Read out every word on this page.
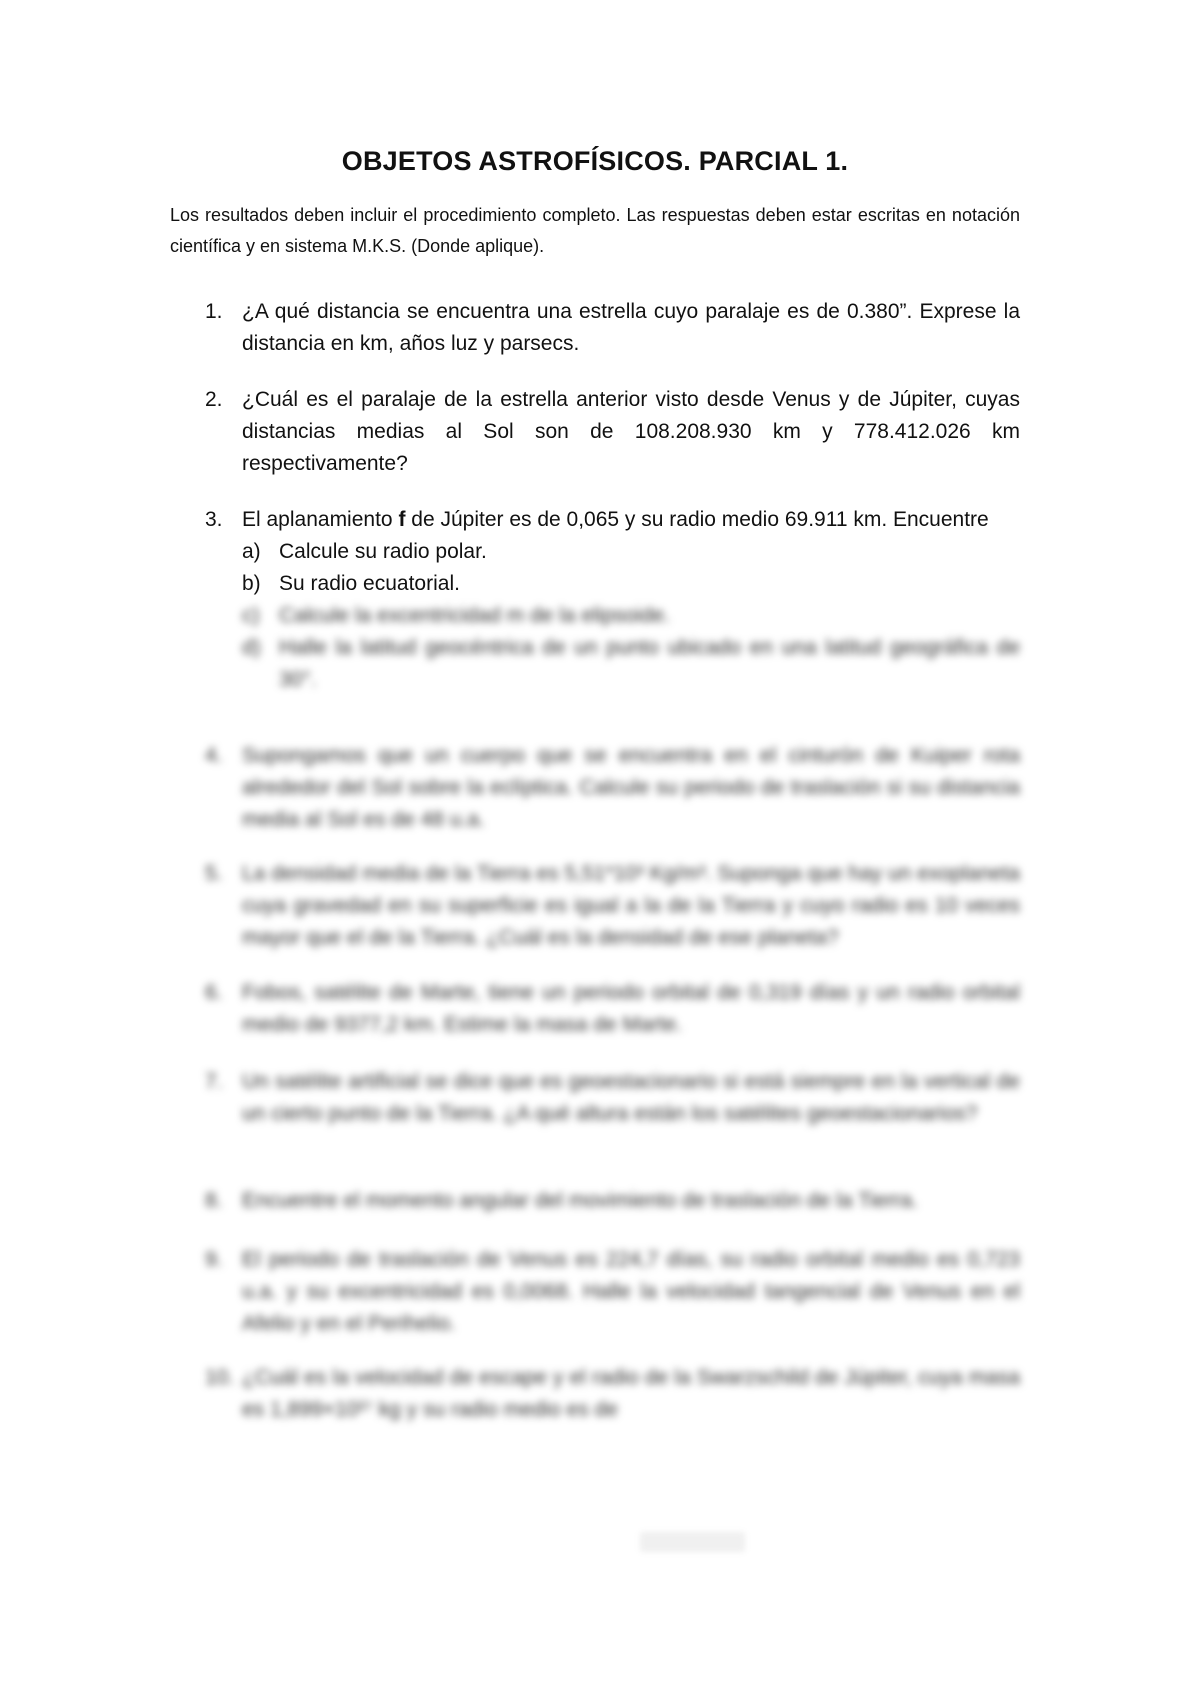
OBJETOS ASTROFÍSICOS. PARCIAL 1.
Los resultados deben incluir el procedimiento completo. Las respuestas deben estar escritas en notación científica y en sistema M.K.S. (Donde aplique).
1. ¿A qué distancia se encuentra una estrella cuyo paralaje es de 0.380”. Exprese la distancia en km, años luz y parsecs.
2. ¿Cuál es el paralaje de la estrella anterior visto desde Venus y de Júpiter, cuyas distancias medias al Sol son de 108.208.930 km y 778.412.026 km respectivamente?
3. El aplanamiento f de Júpiter es de 0,065 y su radio medio 69.911 km. Encuentre
a) Calcule su radio polar.
b) Su radio ecuatorial.
c) Calcule la excentricidad m de la elipsoide.
d) Halle la latitud geocéntrica de un punto ubicado en una latitud geográfica de 30°.
4. Supongamos que un cuerpo que se encuentra en el cinturón de Kuiper rota alrededor del Sol sobre la eclíptica. Calcule su periodo de traslación si su distancia media al Sol es de 48 u.a.
5. La densidad media de la Tierra es 5,51*10³ Kg/m³. Suponga que hay un exoplaneta cuya gravedad en su superficie es igual a la de la Tierra y cuyo radio es 10 veces mayor que el de la Tierra. ¿Cuál es la densidad de ese planeta?
6. Fobos, satélite de Marte, tiene un periodo orbital de 0,319 días y un radio orbital medio de 9377,2 km. Estime la masa de Marte.
7. Un satélite artificial se dice que es geoestacionario si está siempre en la vertical de un cierto punto de la Tierra. ¿A qué altura están los satélites geoestacionarios?
8. Encuentre el momento angular del movimiento de traslación de la Tierra.
9. El periodo de traslación de Venus es 224,7 días, su radio orbital medio es 0,723 u.a. y su excentricidad es 0,0068. Halle la velocidad tangencial de Venus en el Afelio y en el Perihelio.
10. ¿Cuál es la velocidad de escape y el radio de la Swarzschild de Júpiter, cuya masa es 1,899×10²⁷ kg y su radio medio es de
